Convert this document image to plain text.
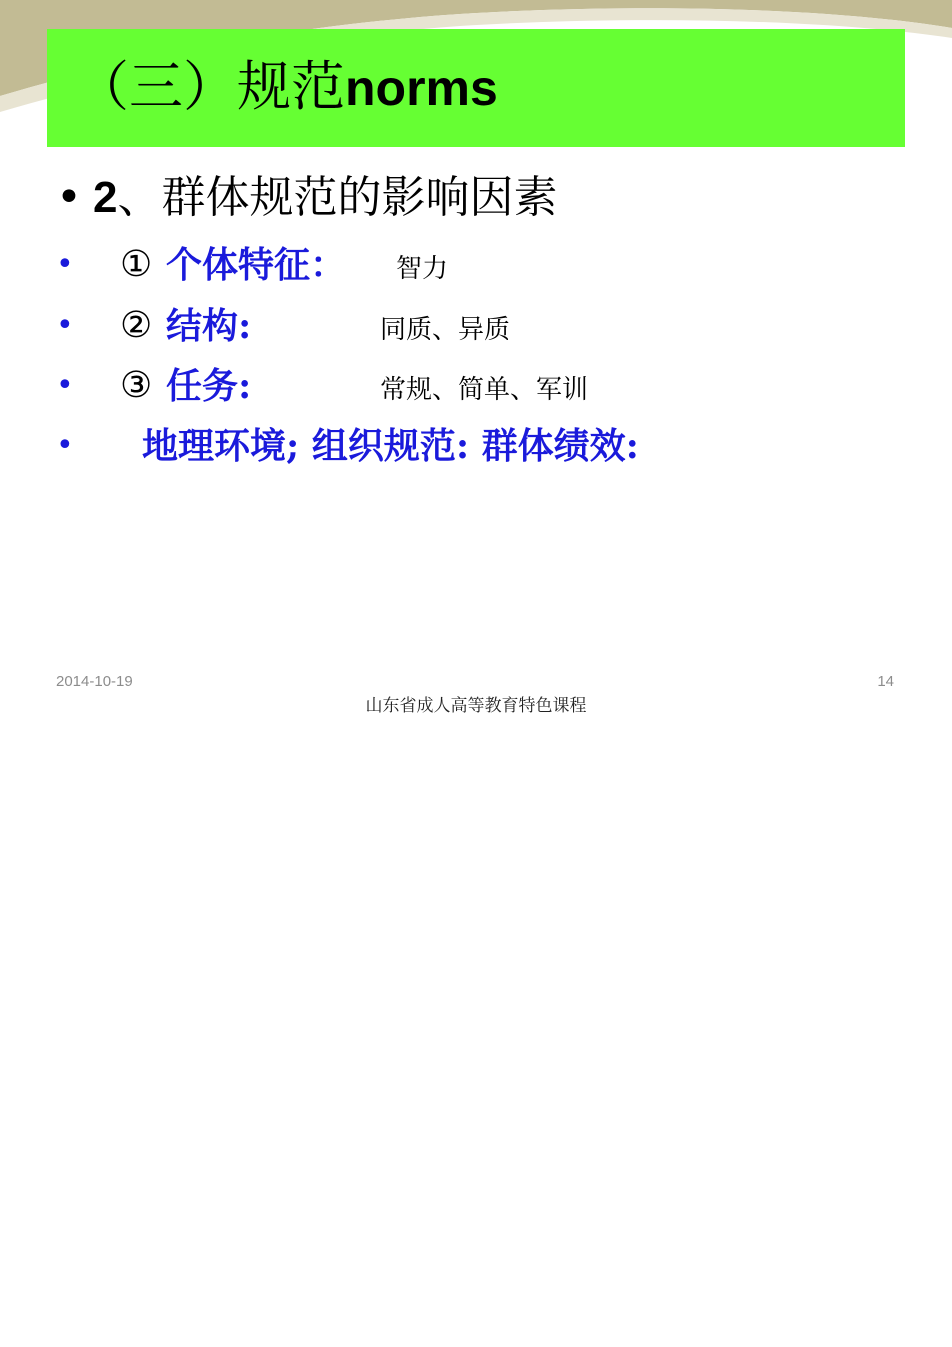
（三）规范norms
• 2、群体规范的影响因素
• ① 个体特征： 智力
• ② 结构:	同质、异质
• ③ 任务:	常规、简单、军训
• 地理环境; 组织规范: 群体绩效:
2014-10-19	14
山东省成人高等教育特色课程
